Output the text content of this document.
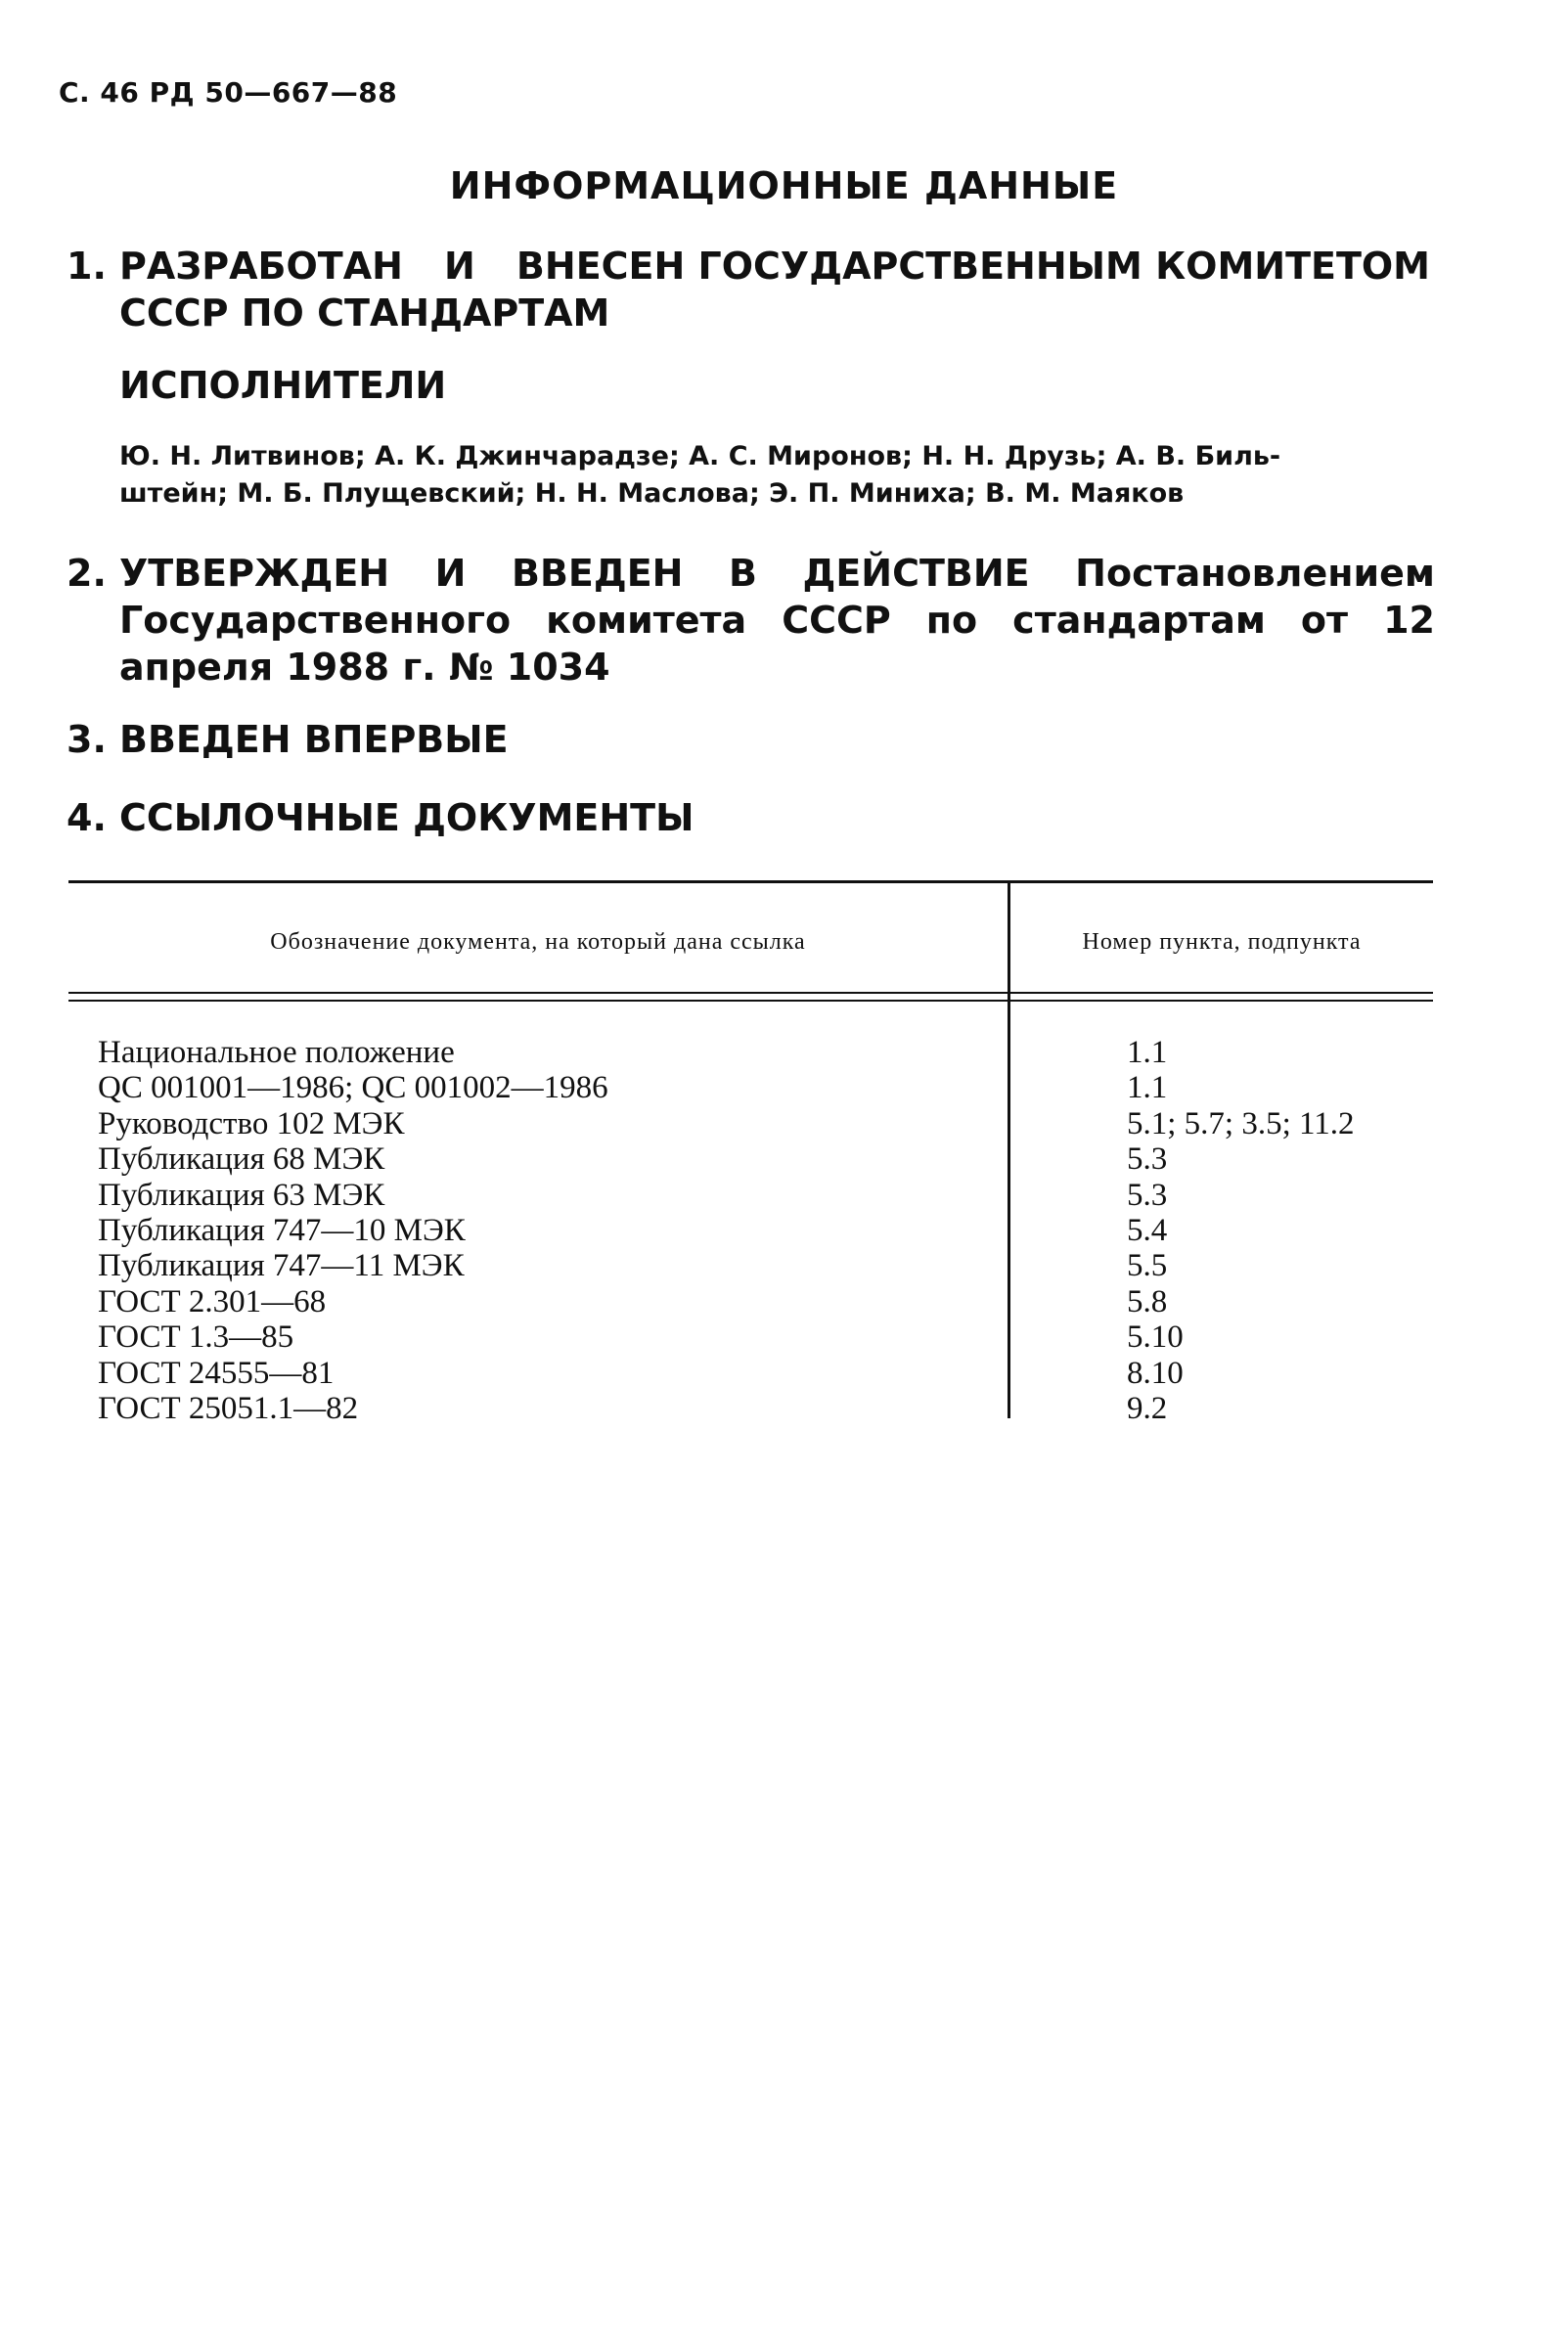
С. 46 РД 50—667—88
ИНФОРМАЦИОННЫЕ ДАННЫЕ
1. РАЗРАБОТАН И ВНЕСЕН ГОСУДАРСТВЕННЫМ КОМИТЕТОМ
СССР ПО СТАНДАРТАМ
ИСПОЛНИТЕЛИ
Ю. Н. Литвинов; А. К. Джинчарадзе; А. С. Миронов; Н. Н. Друзь; А. В. Биль-
штейн; М. Б. Плущевский; Н. Н. Маслова; Э. П. Миниха; В. М. Маяков
2. УТВЕРЖДЕН И ВВЕДЕН В ДЕЙСТВИЕ Постановлением Государственного комитета СССР по стандартам от 12 апреля 1988 г. № 1034
3. ВВЕДЕН ВПЕРВЫЕ
4. ССЫЛОЧНЫЕ ДОКУМЕНТЫ
Обозначение документа, на который дана ссылка	Номер пункта, подпункта
Национальное положение	1.1
QC 001001—1986; QC 001002—1986	1.1
Руководство 102 МЭК	5.1; 5.7; 3.5; 11.2
Публикация 68 МЭК	5.3
Публикация 63 МЭК	5.3
Публикация 747—10 МЭК	5.4
Публикация 747—11 МЭК	5.5
ГОСТ 2.301—68	5.8
ГОСТ 1.3—85	5.10
ГОСТ 24555—81	8.10
ГОСТ 25051.1—82	9.2
